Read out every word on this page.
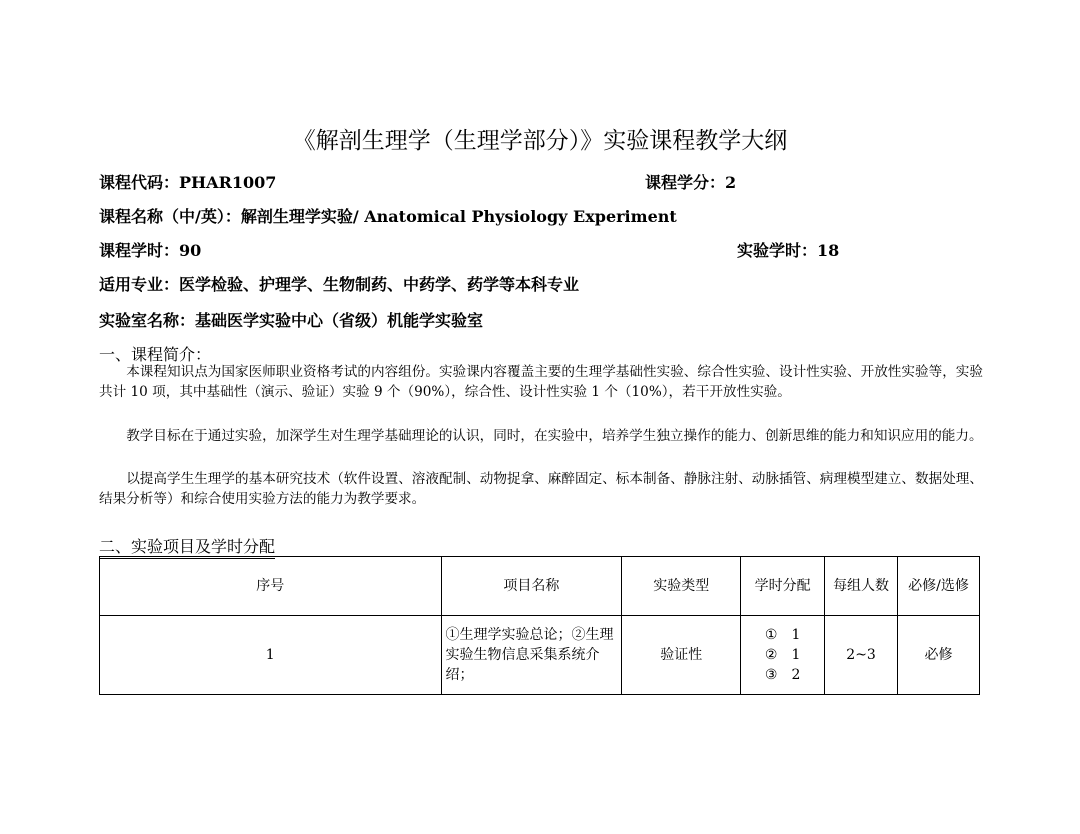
《解剖生理学（生理学部分）》实验课程教学大纲
课程代码：PHAR1007	课程学分：2
课程名称（中/英）：解剖生理学实验/ Anatomical Physiology Experiment
课程学时：90	实验学时：18
适用专业：医学检验、护理学、生物制药、中药学、药学等本科专业
实验室名称：基础医学实验中心（省级）机能学实验室
一、课程简介：
本课程知识点为国家医师职业资格考试的内容组份。实验课内容覆盖主要的生理学基础性实验、综合性实验、设计性实验、开放性实验等，实验共计 10 项，其中基础性（演示、验证）实验 9 个（90%），综合性、设计性实验 1 个（10%），若干开放性实验。
教学目标在于通过实验，加深学生对生理学基础理论的认识，同时，在实验中，培养学生独立操作的能力、创新思维的能力和知识应用的能力。
以提高学生生理学的基本研究技术（软件设置、溶液配制、动物捉拿、麻醉固定、标本制备、静脉注射、动脉插管、病理模型建立、数据处理、结果分析等）和综合使用实验方法的能力为教学要求。
二、实验项目及学时分配
序号	项目名称	实验类型	学时分配	每组人数	必修/选修
1	①生理学实验总论；②生理实验生物信息采集系统介绍；	验证性	①　1
②　1
③　2	2~3	必修
